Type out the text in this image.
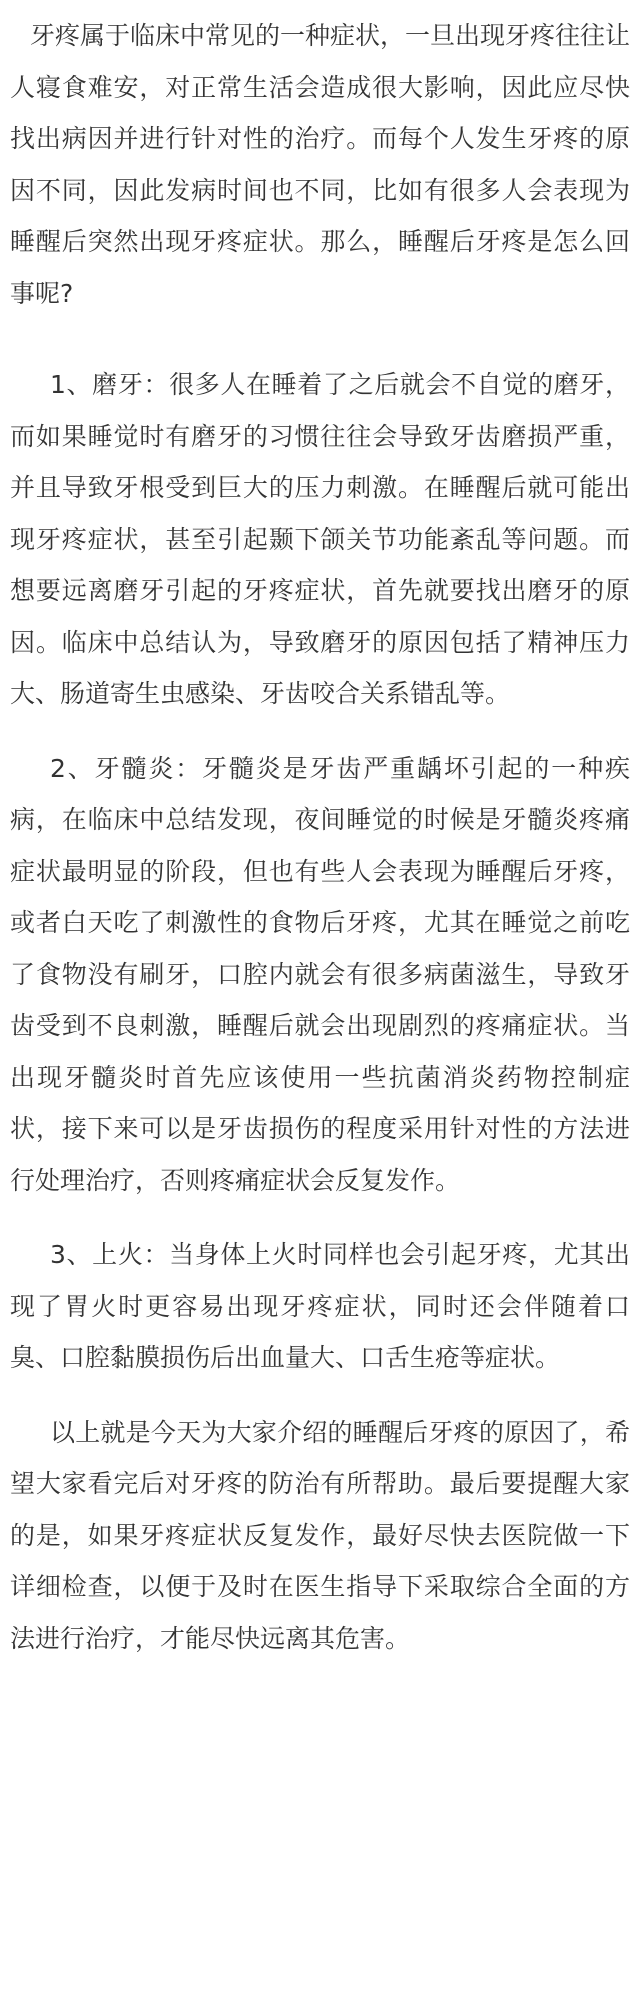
牙疼属于临床中常见的一种症状，一旦出现牙疼往往让人寝食难安，对正常生活会造成很大影响，因此应尽快找出病因并进行针对性的治疗。而每个人发生牙疼的原因不同，因此发病时间也不同，比如有很多人会表现为睡醒后突然出现牙疼症状。那么，睡醒后牙疼是怎么回事呢?

1、磨牙：很多人在睡着了之后就会不自觉的磨牙，而如果睡觉时有磨牙的习惯往往会导致牙齿磨损严重，并且导致牙根受到巨大的压力刺激。在睡醒后就可能出现牙疼症状，甚至引起颞下颌关节功能紊乱等问题。而想要远离磨牙引起的牙疼症状，首先就要找出磨牙的原因。临床中总结认为，导致磨牙的原因包括了精神压力大、肠道寄生虫感染、牙齿咬合关系错乱等。

2、牙髓炎：牙髓炎是牙齿严重龋坏引起的一种疾病，在临床中总结发现，夜间睡觉的时候是牙髓炎疼痛症状最明显的阶段，但也有些人会表现为睡醒后牙疼，或者白天吃了刺激性的食物后牙疼，尤其在睡觉之前吃了食物没有刷牙，口腔内就会有很多病菌滋生，导致牙齿受到不良刺激，睡醒后就会出现剧烈的疼痛症状。当出现牙髓炎时首先应该使用一些抗菌消炎药物控制症状，接下来可以是牙齿损伤的程度采用针对性的方法进行处理治疗，否则疼痛症状会反复发作。

3、上火：当身体上火时同样也会引起牙疼，尤其出现了胃火时更容易出现牙疼症状，同时还会伴随着口臭、口腔黏膜损伤后出血量大、口舌生疮等症状。

以上就是今天为大家介绍的睡醒后牙疼的原因了，希望大家看完后对牙疼的防治有所帮助。最后要提醒大家的是，如果牙疼症状反复发作，最好尽快去医院做一下详细检查，以便于及时在医生指导下采取综合全面的方法进行治疗，才能尽快远离其危害。
